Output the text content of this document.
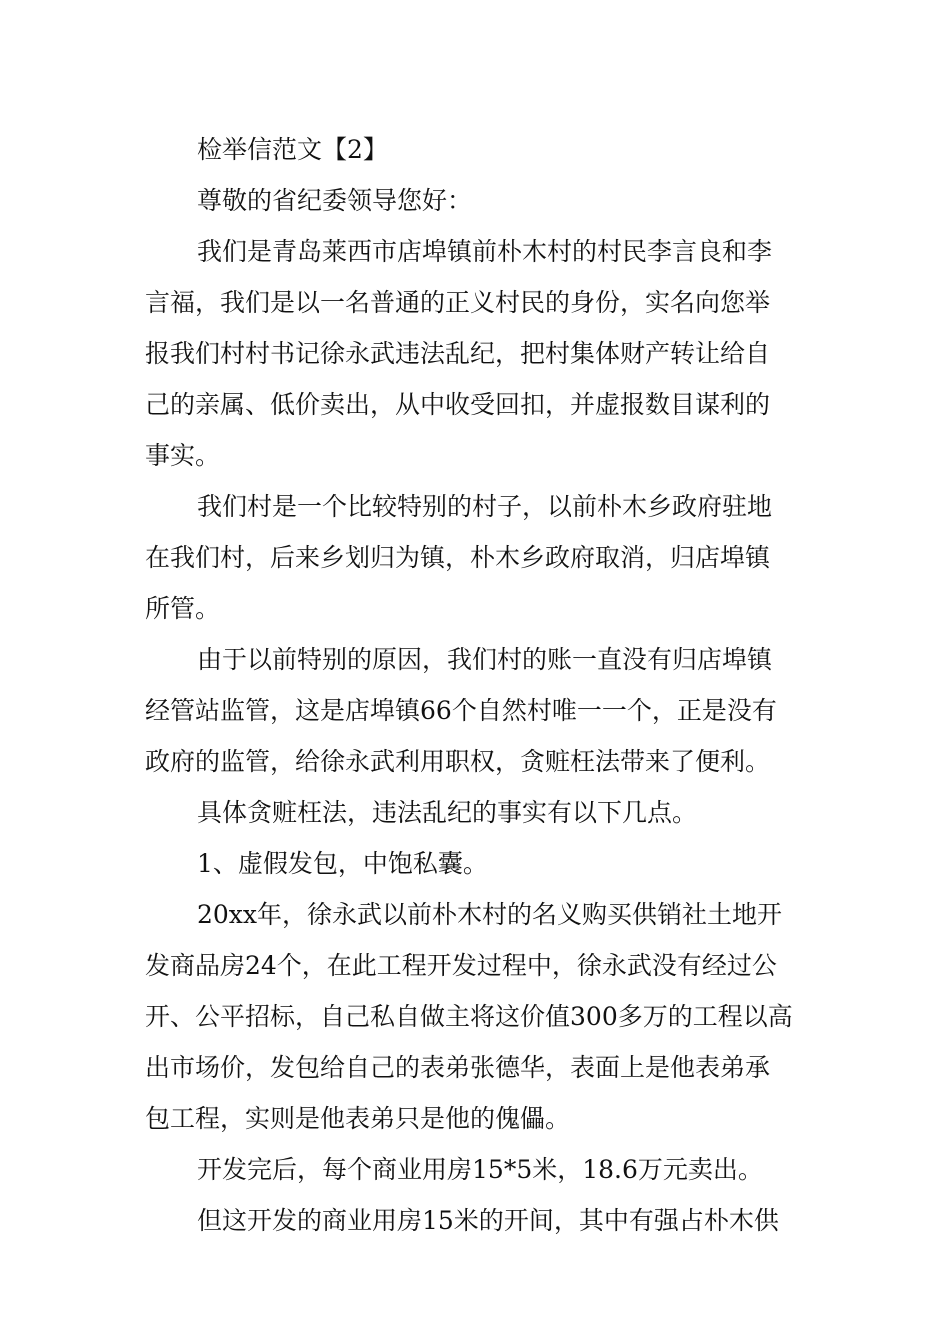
检举信范文【2】
尊敬的省纪委领导您好：
我们是青岛莱西市店埠镇前朴木村的村民李言良和李
言福，我们是以一名普通的正义村民的身份，实名向您举
报我们村村书记徐永武违法乱纪，把村集体财产转让给自
己的亲属、低价卖出，从中收受回扣，并虚报数目谋利的
事实。
我们村是一个比较特别的村子，以前朴木乡政府驻地
在我们村，后来乡划归为镇，朴木乡政府取消，归店埠镇
所管。
由于以前特别的原因，我们村的账一直没有归店埠镇
经管站监管，这是店埠镇66个自然村唯一一个，正是没有
政府的监管，给徐永武利用职权，贪赃枉法带来了便利。
具体贪赃枉法，违法乱纪的事实有以下几点。
1、虚假发包，中饱私囊。
20xx年，徐永武以前朴木村的名义购买供销社土地开
发商品房24个，在此工程开发过程中，徐永武没有经过公
开、公平招标，自己私自做主将这价值300多万的工程以高
出市场价，发包给自己的表弟张德华，表面上是他表弟承
包工程，实则是他表弟只是他的傀儡。
开发完后，每个商业用房15*5米，18.6万元卖出。
但这开发的商业用房15米的开间，其中有强占朴木供
